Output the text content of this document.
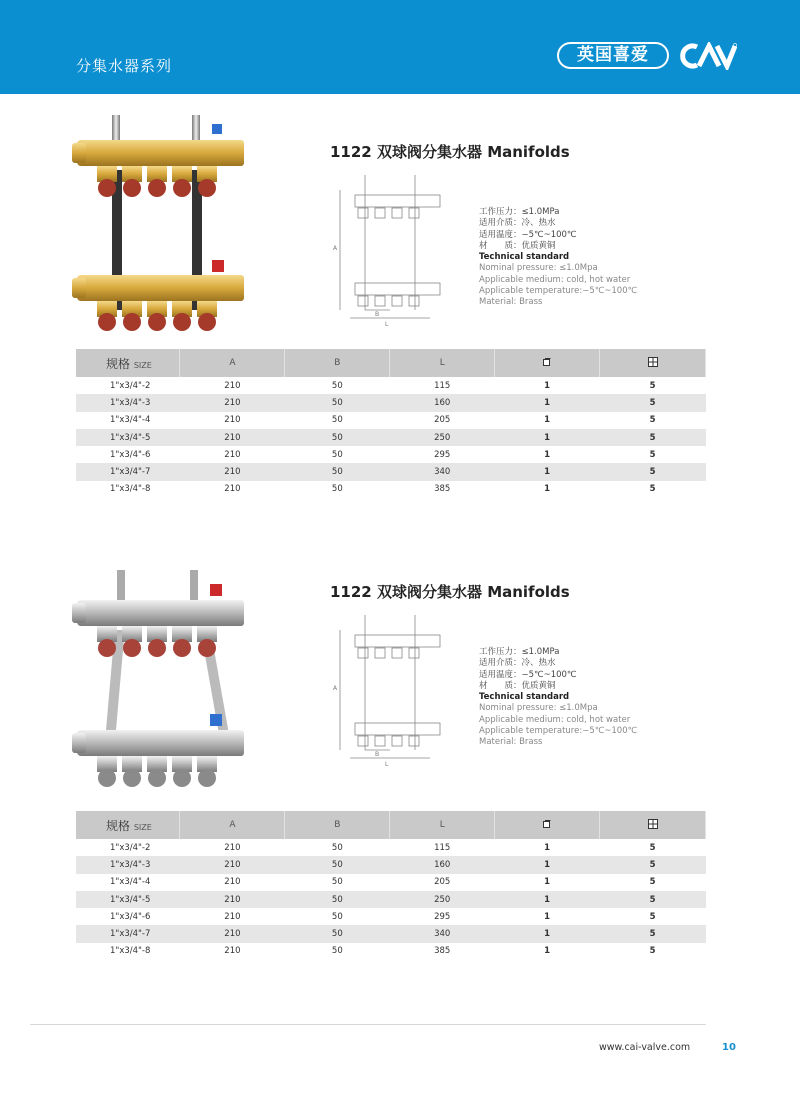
分集水器系列
英国喜爱
1122 双球阀分集水器 Manifolds
A
B
L
工作压力：≤1.0MPa
适用介质：冷、热水
适用温度：−5℃~100℃
材　　质：优质黄铜
Technical standard
Nominal pressure: ≤1.0Mpa
Applicable medium: cold, hot water
Applicable temperature:−5℃~100℃
Material: Brass
规格 SIZE	A	B	L		
1"x3/4"-2	210	50	115	1	5
1"x3/4"-3	210	50	160	1	5
1"x3/4"-4	210	50	205	1	5
1"x3/4"-5	210	50	250	1	5
1"x3/4"-6	210	50	295	1	5
1"x3/4"-7	210	50	340	1	5
1"x3/4"-8	210	50	385	1	5
1122 双球阀分集水器 Manifolds
A
B
L
工作压力：≤1.0MPa
适用介质：冷、热水
适用温度：−5℃~100℃
材　　质：优质黄铜
Technical standard
Nominal pressure: ≤1.0Mpa
Applicable medium: cold, hot water
Applicable temperature:−5℃~100℃
Material: Brass
规格 SIZE	A	B	L		
1"x3/4"-2	210	50	115	1	5
1"x3/4"-3	210	50	160	1	5
1"x3/4"-4	210	50	205	1	5
1"x3/4"-5	210	50	250	1	5
1"x3/4"-6	210	50	295	1	5
1"x3/4"-7	210	50	340	1	5
1"x3/4"-8	210	50	385	1	5
www.cai-valve.com	10
